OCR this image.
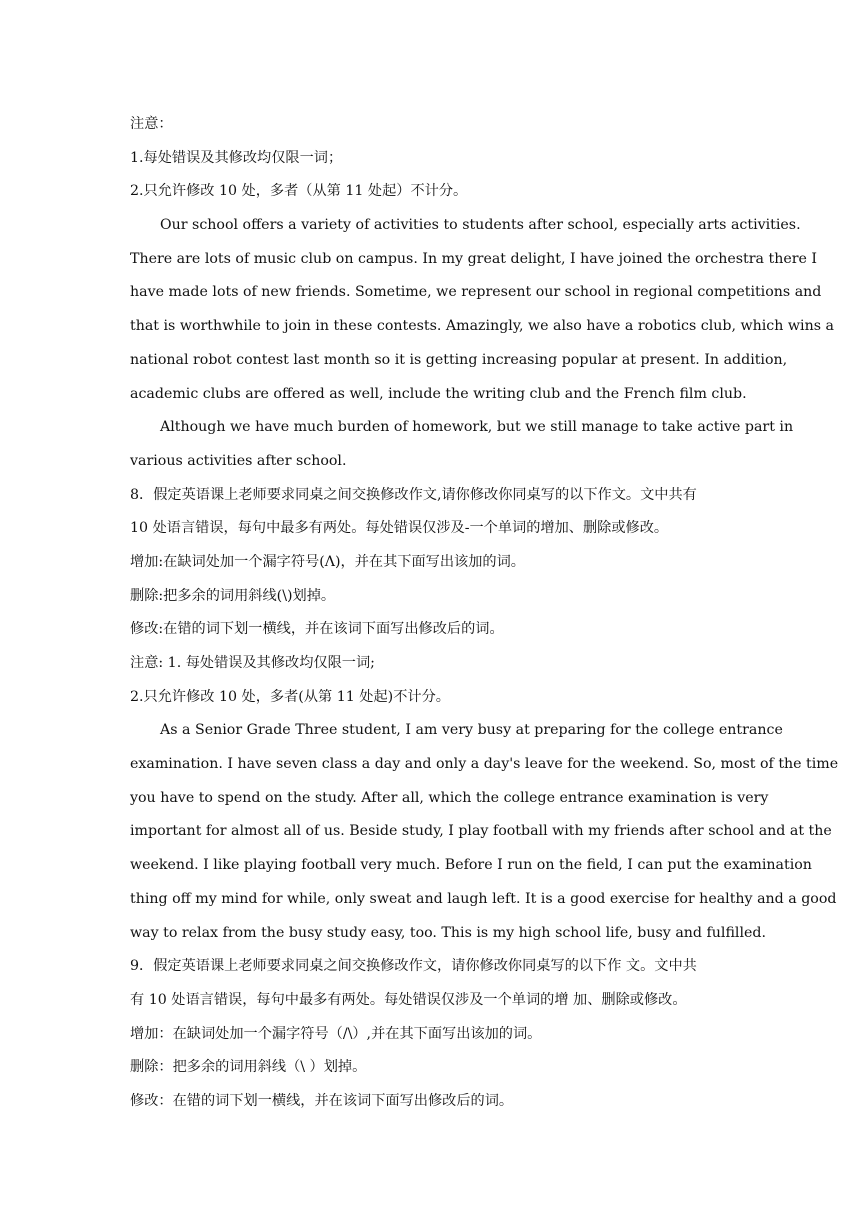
注意：
1.每处错误及其修改均仅限一词；
2.只允许修改 10 处，多者（从第 11 处起）不计分。
Our school offers a variety of activities to students after school, especially arts activities.
There are lots of music club on campus. In my great delight, I have joined the orchestra there I
have made lots of new friends. Sometime, we represent our school in regional competitions and
that is worthwhile to join in these contests. Amazingly, we also have a robotics club, which wins a
national robot contest last month so it is getting increasing popular at present. In addition,
academic clubs are offered as well, include the writing club and the French film club.
Although we have much burden of homework, but we still manage to take active part in
various activities after school.
8．假定英语课上老师要求同桌之间交换修改作文,请你修改你同桌写的以下作文。文中共有
10 处语言错误，每句中最多有两处。每处错误仅涉及-一个单词的增加、删除或修改。
增加:在缺词处加一个漏字符号(Λ)，并在其下面写出该加的词。
删除:把多余的词用斜线(\)划掉。
修改:在错的词下划一横线，并在该词下面写出修改后的词。
注意: 1. 每处错误及其修改均仅限一词;
2.只允许修改 10 处，多者(从第 11 处起)不计分。
As a Senior Grade Three student, I am very busy at preparing for the college entrance
examination. I have seven class a day and only a day's leave for the weekend. So, most of the time
you have to spend on the study. After all, which the college entrance examination is very
important for almost all of us. Beside study, I play football with my friends after school and at the
weekend. I like playing football very much. Before I run on the field, I can put the examination
thing off my mind for while, only sweat and laugh left. It is a good exercise for healthy and a good
way to relax from the busy study easy, too. This is my high school life, busy and fulfilled.
9．假定英语课上老师要求同桌之间交换修改作文，请你修改你同桌写的以下作 文。文中共
有 10 处语言错误，每句中最多有两处。每处错误仅涉及一个单词的增 加、删除或修改。
增加：在缺词处加一个漏字符号（/\）,并在其下面写出该加的词。
删除：把多余的词用斜线（\ ）划掉。
修改：在错的词下划一横线，并在该词下面写出修改后的词。
